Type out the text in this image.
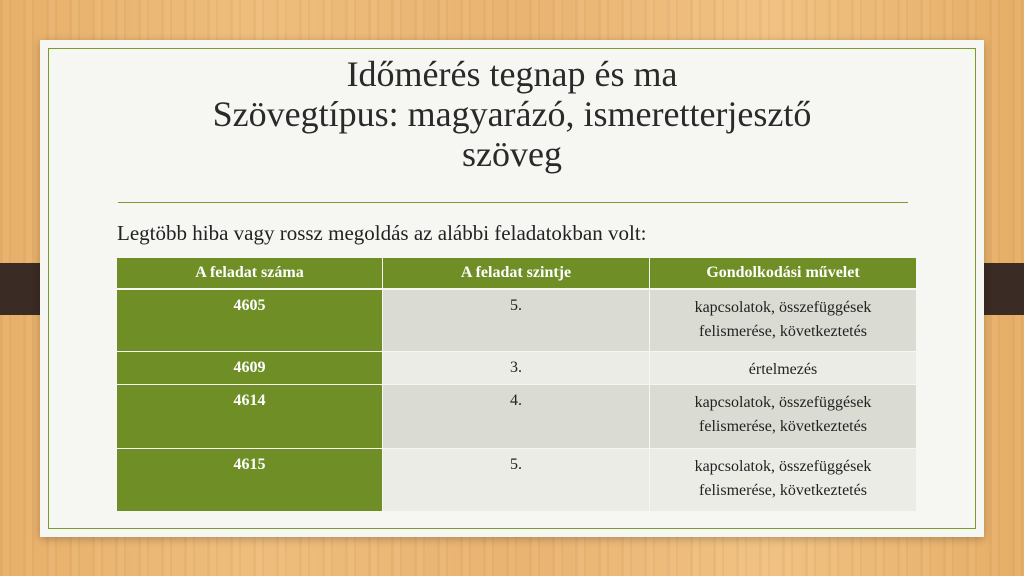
Időmérés tegnap és ma
Szövegtípus: magyarázó, ismeretterjesztő
szöveg
Legtöbb hiba vagy rossz megoldás az alábbi feladatokban volt:
A feladat száma	A feladat szintje	Gondolkodási művelet
4605	5.	kapcsolatok, összefüggések
felismerése, következtetés

4609	3.	értelmezés

4614	4.	kapcsolatok, összefüggések
felismerése, következtetés

4615	5.	kapcsolatok, összefüggések
felismerése, következtetés
